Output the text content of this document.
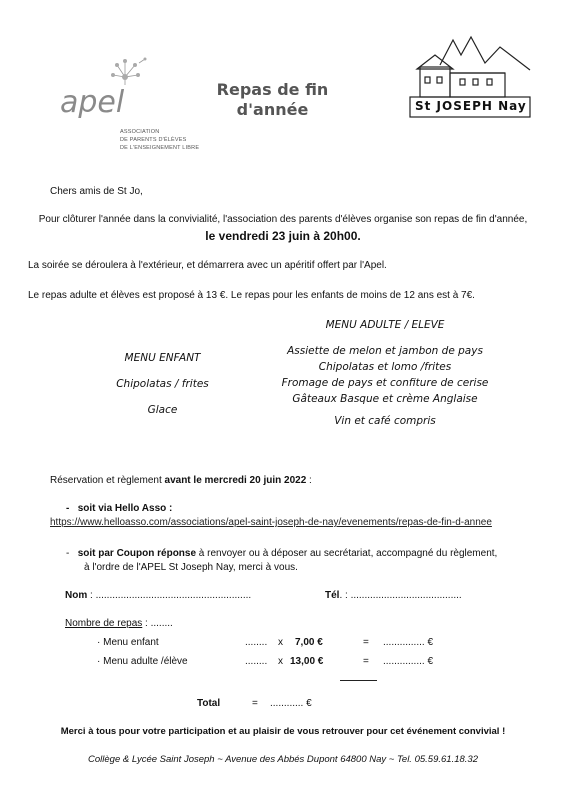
apel
ASSOCIATION
DE PARENTS D'ÉLÈVES
DE L'ENSEIGNEMENT LIBRE
Repas de fin
d'année	St JOSEPH Nay
Chers amis de St Jo,
Pour clôturer l'année dans la convivialité, l'association des parents d'élèves organise son repas de fin d'année,
le vendredi 23 juin à 20h00.
La soirée se déroulera à l'extérieur, et démarrera avec un apéritif offert par l'Apel.
Le repas adulte et élèves est proposé à 13 €. Le repas pour les enfants de moins de 12 ans est à 7€.
MENU ADULTE / ELEVE
Assiette de melon et jambon de pays
Chipolatas et lomo /frites
Fromage de pays et confiture de cerise
Gâteaux Basque et crème Anglaise
Vin et café compris
MENU ENFANT
Chipolatas / frites
Glace
Réservation et règlement avant le mercredi 20 juin 2022 :
- soit via Hello Asso :
https://www.helloasso.com/associations/apel-saint-joseph-de-nay/evenements/repas-de-fin-d-annee
- soit par Coupon réponse à renvoyer ou à déposer au secrétariat, accompagné du règlement,
à l'ordre de l'APEL St Joseph Nay, merci à vous.
Nom : ........................................................	Tél. : ........................................
Nombre de repas : ........
· Menu enfant	........ x 7,00 €	= ............... €
· Menu adulte /élève	........ x 13,00 €	= ............... €
Total	= ............ €
Merci à tous pour votre participation et au plaisir de vous retrouver pour cet événement convivial !
Collège & Lycée Saint Joseph ~ Avenue des Abbés Dupont 64800 Nay ~ Tel. 05.59.61.18.32
